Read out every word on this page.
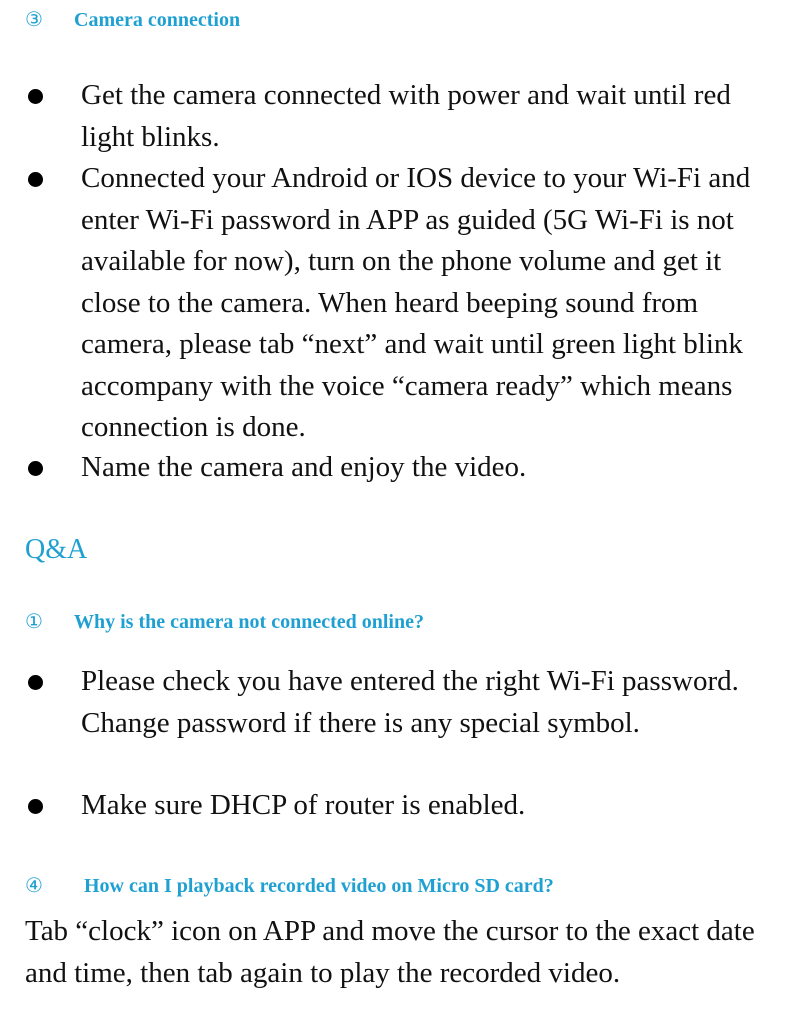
③ Camera connection
Get the camera connected with power and wait until red light blinks.
Connected your Android or IOS device to your Wi-Fi and enter Wi-Fi password in APP as guided (5G Wi-Fi is not available for now), turn on the phone volume and get it close to the camera. When heard beeping sound from camera, please tab “next” and wait until green light blink accompany with the voice “camera ready” which means connection is done.
Name the camera and enjoy the video.
Q&A
① Why is the camera not connected online?
Please check you have entered the right Wi-Fi password. Change password if there is any special symbol.
Make sure DHCP of router is enabled.
④ How can I playback recorded video on Micro SD card?
Tab “clock” icon on APP and move the cursor to the exact date and time, then tab again to play the recorded video.
